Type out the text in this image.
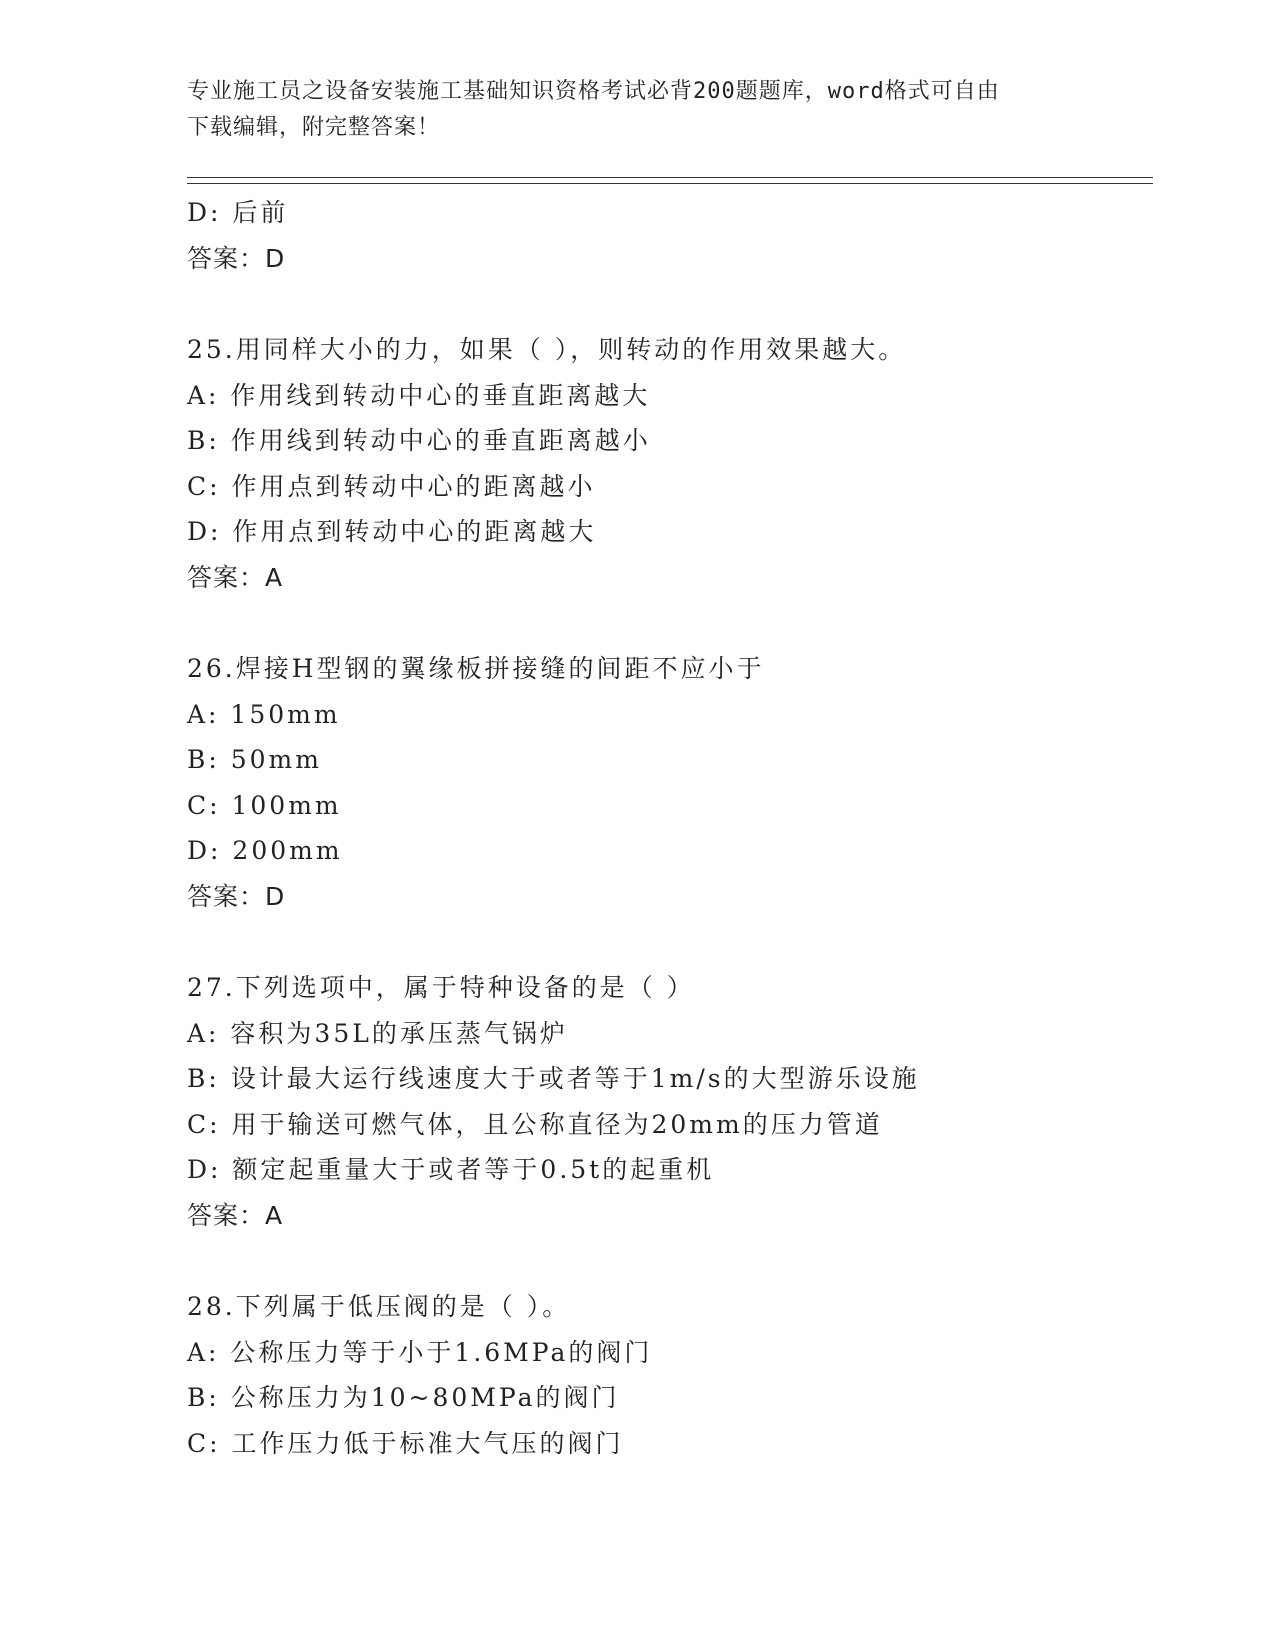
专业施工员之设备安装施工基础知识资格考试必背200题题库，word格式可自由
下载编辑，附完整答案！
D: 后前
答案：D
25.用同样大小的力，如果（ ），则转动的作用效果越大。
A: 作用线到转动中心的垂直距离越大
B: 作用线到转动中心的垂直距离越小
C: 作用点到转动中心的距离越小
D: 作用点到转动中心的距离越大
答案：A
26.焊接H型钢的翼缘板拼接缝的间距不应小于
A: 150mm
B: 50mm
C: 100mm
D: 200mm
答案：D
27.下列选项中，属于特种设备的是（ ）
A: 容积为35L的承压蒸气锅炉
B: 设计最大运行线速度大于或者等于1m/s的大型游乐设施
C: 用于输送可燃气体，且公称直径为20mm的压力管道
D: 额定起重量大于或者等于0.5t的起重机
答案：A
28.下列属于低压阀的是（ ）。
A: 公称压力等于小于1.6MPa的阀门
B: 公称压力为10~80MPa的阀门
C: 工作压力低于标准大气压的阀门
